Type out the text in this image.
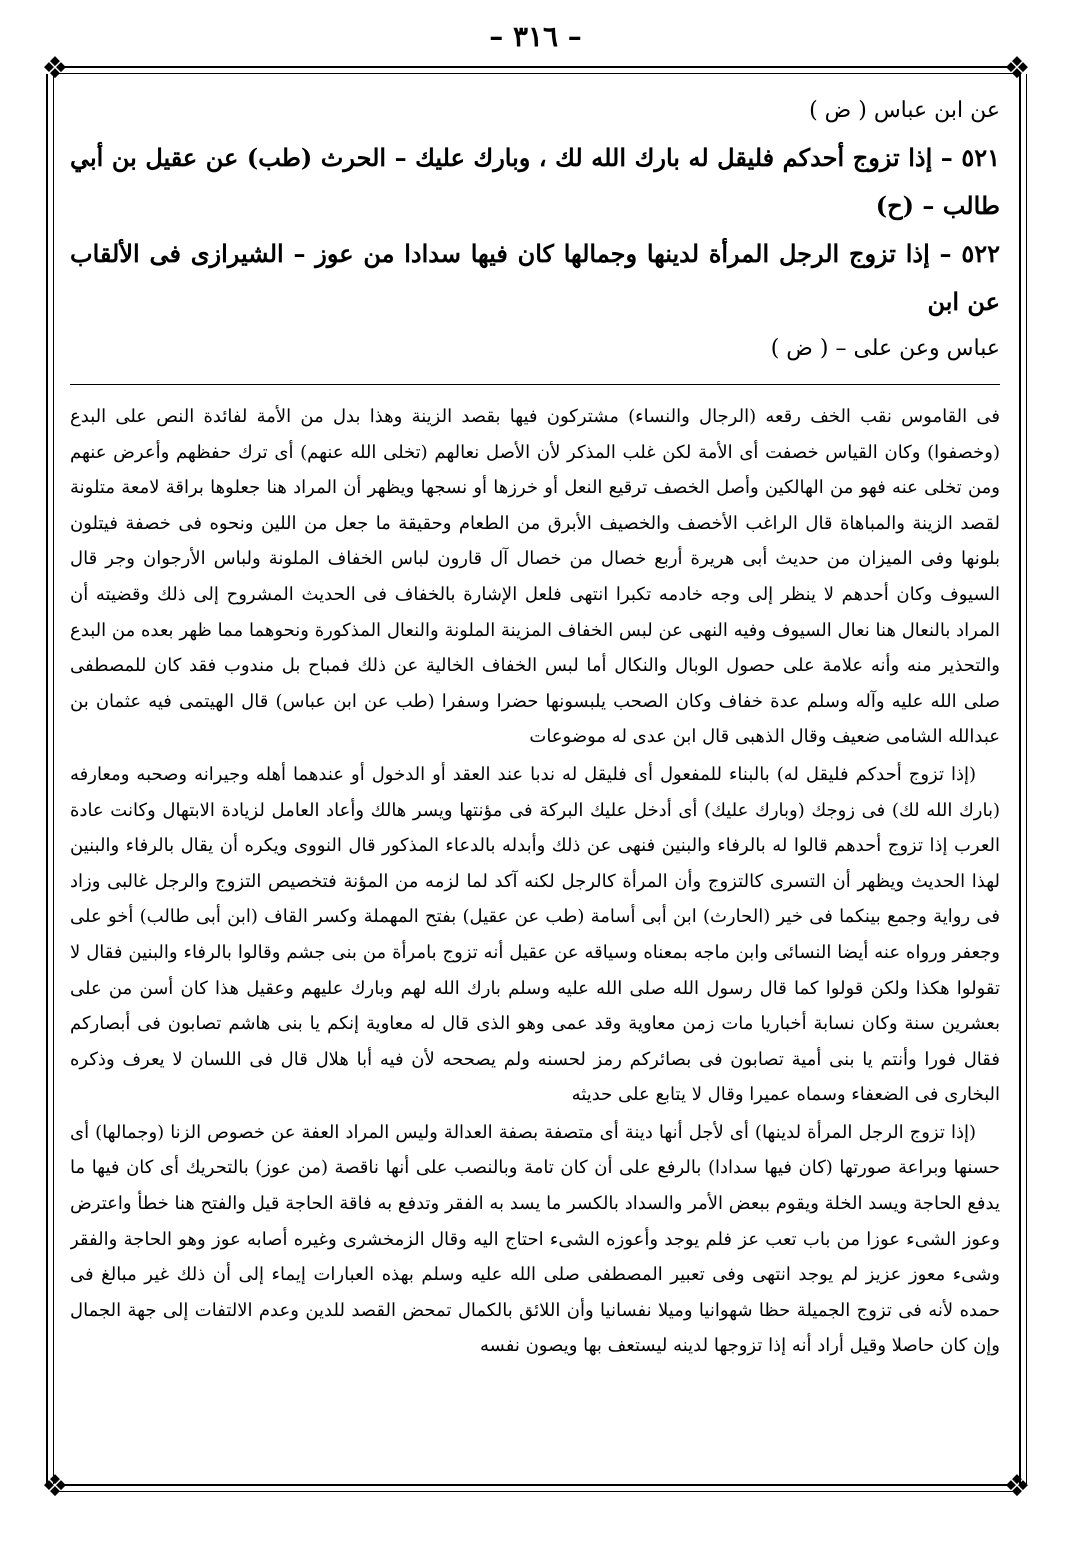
– ٣١٦ –
❖	❖
❖	❖

عن ابن عباس ( ض )

٥٢١ – إذا تزوج أحدكم فليقل له بارك الله لك ، وبارك عليك – الحرث (طب) عن عقيل بن أبي طالب – (ح)

٥٢٢ – إذا تزوج الرجل المرأة لدينها وجمالها كان فيها سدادا من عوز – الشيرازى فى الألقاب عن ابن

عباس وعن على – ( ض )

فى القاموس نقب الخف رقعه (الرجال والنساء) مشتركون فيها بقصد الزينة وهذا بدل من الأمة لفائدة النص على البدع (وخصفوا) وكان القياس خصفت أى الأمة لكن غلب المذكر لأن الأصل نعالهم (تخلى الله عنهم) أى ترك حفظهم وأعرض عنهم ومن تخلى عنه فهو من الهالكين وأصل الخصف ترقيع النعل أو خرزها أو نسجها ويظهر أن المراد هنا جعلوها براقة لامعة متلونة لقصد الزينة والمباهاة قال الراغب الأخصف والخصيف الأبرق من الطعام وحقيقة ما جعل من اللين ونحوه فى خصفة فيتلون بلونها وفى الميزان من حديث أبى هريرة أربع خصال من خصال آل قارون لباس الخفاف الملونة ولباس الأرجوان وجر قال السيوف وكان أحدهم لا ينظر إلى وجه خادمه تكبرا انتهى فلعل الإشارة بالخفاف فى الحديث المشروح إلى ذلك وقضيته أن المراد بالنعال هنا نعال السيوف وفيه النهى عن لبس الخفاف المزينة الملونة والنعال المذكورة ونحوهما مما ظهر بعده من البدع والتحذير منه وأنه علامة على حصول الوبال والنكال أما لبس الخفاف الخالية عن ذلك فمباح بل مندوب فقد كان للمصطفى صلى الله عليه وآله وسلم عدة خفاف وكان الصحب يلبسونها حضرا وسفرا (طب عن ابن عباس) قال الهيتمى فيه عثمان بن عبدالله الشامى ضعيف وقال الذهبى قال ابن عدى له موضوعات

(إذا تزوج أحدكم فليقل له) بالبناء للمفعول أى فليقل له ندبا عند العقد أو الدخول أو عندهما أهله وجيرانه وصحبه ومعارفه (بارك الله لك) فى زوجك (وبارك عليك) أى أدخل عليك البركة فى مؤنتها ويسر هالك وأعاد العامل لزيادة الابتهال وكانت عادة العرب إذا تزوج أحدهم قالوا له بالرفاء والبنين فنهى عن ذلك وأبدله بالدعاء المذكور قال النووى ويكره أن يقال بالرفاء والبنين لهذا الحديث ويظهر أن التسرى كالتزوج وأن المرأة كالرجل لكنه آكد لما لزمه من المؤنة فتخصيص التزوج والرجل غالبى وزاد فى رواية وجمع بينكما فى خير (الحارث) ابن أبى أسامة (طب عن عقيل) بفتح المهملة وكسر القاف (ابن أبى طالب) أخو على وجعفر ورواه عنه أيضا النسائى وابن ماجه بمعناه وسياقه عن عقيل أنه تزوج بامرأة من بنى جشم وقالوا بالرفاء والبنين فقال لا تقولوا هكذا ولكن قولوا كما قال رسول الله صلى الله عليه وسلم بارك الله لهم وبارك عليهم وعقيل هذا كان أسن من على بعشرين سنة وكان نسابة أخباريا مات زمن معاوية وقد عمى وهو الذى قال له معاوية إنكم يا بنى هاشم تصابون فى أبصاركم فقال فورا وأنتم يا بنى أمية تصابون فى بصائركم رمز لحسنه ولم يصححه لأن فيه أبا هلال قال فى اللسان لا يعرف وذكره البخارى فى الضعفاء وسماه عميرا وقال لا يتابع على حديثه

(إذا تزوج الرجل المرأة لدينها) أى لأجل أنها دينة أى متصفة بصفة العدالة وليس المراد العفة عن خصوص الزنا (وجمالها) أى حسنها وبراعة صورتها (كان فيها سدادا) بالرفع على أن كان تامة وبالنصب على أنها ناقصة (من عوز) بالتحريك أى كان فيها ما يدفع الحاجة ويسد الخلة ويقوم ببعض الأمر والسداد بالكسر ما يسد به الفقر وتدفع به فاقة الحاجة قيل والفتح هنا خطأ واعترض وعوز الشىء عوزا من باب تعب عز فلم يوجد وأعوزه الشىء احتاج اليه وقال الزمخشرى وغيره أصابه عوز وهو الحاجة والفقر وشىء معوز عزيز لم يوجد انتهى وفى تعبير المصطفى صلى الله عليه وسلم بهذه العبارات إيماء إلى أن ذلك غير مبالغ فى حمده لأنه فى تزوج الجميلة حظا شهوانيا وميلا نفسانيا وأن اللائق بالكمال تمحض القصد للدين وعدم الالتفات إلى جهة الجمال وإن كان حاصلا وقيل أراد أنه إذا تزوجها لدينه ليستعف بها ويصون نفسه
